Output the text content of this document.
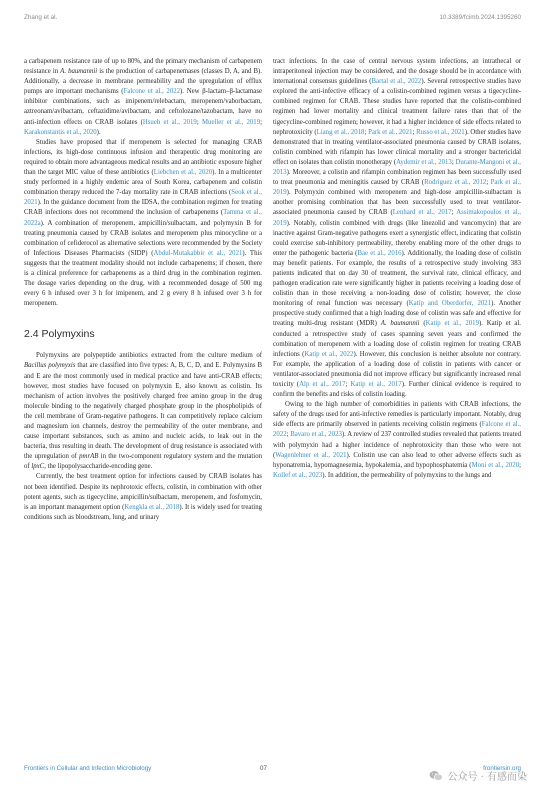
Zhang et al.	10.3389/fcimb.2024.1395260

a carbapenem resistance rate of up to 80%, and the primary mechanism of carbapenem resistance in A. baumannii is the production of carbapenemases (classes D, A, and B). Additionally, a decrease in membrane permeability and the upregulation of efflux pumps are important mechanisms (Falcone et al., 2022). New β-lactam–β-lactamase inhibitor combinations, such as imipenem/relebactam, meropenem/vaborbactam, aztreonam/avibactam, ceftazidime/avibactam, and ceftolozane/tazobactam, have no anti-infection effects on CRAB isolates (Hsueh et al., 2019; Mueller et al., 2019; Karakonstantis et al., 2020).

Studies have proposed that if meropenem is selected for managing CRAB infections, its high-dose continuous infusion and therapeutic drug monitoring are required to obtain more advantageous medical results and an antibiotic exposure higher than the target MIC value of these antibiotics (Liebchen et al., 2020). In a multicenter study performed in a highly endemic area of South Korea, carbapenem and colistin combination therapy reduced the 7-day mortality rate in CRAB infections (Seok et al., 2021). In the guidance document from the IDSA, the combination regimen for treating CRAB infections does not recommend the inclusion of carbapenems (Tamma et al., 2022a). A combination of meropenem, ampicillin/sulbactam, and polymyxin B for treating pneumonia caused by CRAB isolates and meropenem plus minocycline or a combination of cefiderocol as alternative selections were recommended by the Society of Infectious Diseases Pharmacists (SIDP) (Abdul-Mutakabbir et al., 2021). This suggests that the treatment modality should not include carbapenems; if chosen, there is a clinical preference for carbapenems as a third drug in the combination regimen. The dosage varies depending on the drug, with a recommended dosage of 500 mg every 6 h infused over 3 h for imipenem, and 2 g every 8 h infused over 3 h for meropenem.

2.4 Polymyxins

Polymyxins are polypeptide antibiotics extracted from the culture medium of Bacillus polymyxis that are classified into five types: A, B, C, D, and E. Polymyxins B and E are the most commonly used in medical practice and have anti-CRAB effects; however, most studies have focused on polymyxin E, also known as colistin. Its mechanism of action involves the positively charged free amino group in the drug molecule binding to the negatively charged phosphate group in the phospholipids of the cell membrane of Gram-negative pathogens. It can competitively replace calcium and magnesium ion channels, destroy the permeability of the outer membrane, and cause important substances, such as amino and nucleic acids, to leak out in the bacteria, thus resulting in death. The development of drug resistance is associated with the upregulation of pmrAB in the two-component regulatory system and the mutation of lpxC, the lipopolysaccharide-encoding gene.

Currently, the best treatment option for infections caused by CRAB isolates has not been identified. Despite its nephrotoxic effects, colistin, in combination with other potent agents, such as tigecycline, ampicillin/sulbactam, meropenem, and fosfomycin, is an important management option (Kengkla et al., 2018). It is widely used for treating conditions such as bloodstream, lung, and urinary

tract infections. In the case of central nervous system infections, an intrathecal or intraperitoneal injection may be considered, and the dosage should be in accordance with international consensus guidelines (Bartal et al., 2022). Several retrospective studies have explored the anti-infective efficacy of a colistin-combined regimen versus a tigecycline-combined regimen for CRAB. These studies have reported that the colistin-combined regimen had lower mortality and clinical treatment failure rates than that of the tigecycline-combined regimen; however, it had a higher incidence of side effects related to nephrotoxicity (Liang et al., 2018; Park et al., 2021; Russo et al., 2021). Other studies have demonstrated that in treating ventilator-associated pneumonia caused by CRAB isolates, colistin combined with rifampin has lower clinical mortality and a stronger bactericidal effect on isolates than colistin monotherapy (Aydemir et al., 2013; Durante-Mangoni et al., 2013). Moreover, a colistin and rifampin combination regimen has been successfully used to treat pneumonia and meningitis caused by CRAB (Rodriguez et al., 2012; Park et al., 2019). Polymyxin combined with meropenem and high-dose ampicillin-sulbactam is another promising combination that has been successfully used to treat ventilator-associated pneumonia caused by CRAB (Lenhard et al., 2017; Assimakopoulos et al., 2019). Notably, colistin combined with drugs (like linezolid and vancomycin) that are inactive against Gram-negative pathogens exert a synergistic effect, indicating that colistin could exercise sub-inhibitory permeability, thereby enabling more of the other drugs to enter the pathogenic bacteria (Bae et al., 2016). Additionally, the loading dose of colistin may benefit patients. For example, the results of a retrospective study involving 383 patients indicated that on day 30 of treatment, the survival rate, clinical efficacy, and pathogen eradication rate were significantly higher in patients receiving a loading dose of colistin than in those receiving a non-loading dose of colistin; however, the close monitoring of renal function was necessary (Katip and Oberdorfer, 2021). Another prospective study confirmed that a high loading dose of colistin was safe and effective for treating multi-drug resistant (MDR) A. baumannii (Katip et al., 2019). Katip et al. conducted a retrospective study of cases spanning seven years and confirmed the combination of meropenem with a loading dose of colistin regimen for treating CRAB infections (Katip et al., 2022). However, this conclusion is neither absolute nor contrary. For example, the application of a loading dose of colistin in patients with cancer or ventilator-associated pneumonia did not improve efficacy but significantly increased renal toxicity (Alp et al., 2017; Katip et al., 2017). Further clinical evidence is required to confirm the benefits and risks of colistin loading.

Owing to the high number of comorbidities in patients with CRAB infections, the safety of the drugs used for anti-infective remedies is particularly important. Notably, drug side effects are primarily observed in patients receiving colistin regimens (Falcone et al., 2022; Bavaro et al., 2023). A review of 237 controlled studies revealed that patients treated with polymyxin had a higher incidence of nephrotoxicity than those who were not (Wagenlehner et al., 2021). Colistin use can also lead to other adverse effects such as hyponatremia, hypomagnesemia, hypokalemia, and hypophosphatemia (Moni et al., 2020; Kollef et al., 2023). In addition, the permeability of polymyxins to the lungs and

Frontiers in Cellular and Infection Microbiology	07	frontiersin.org
公众号 · 有感而染
